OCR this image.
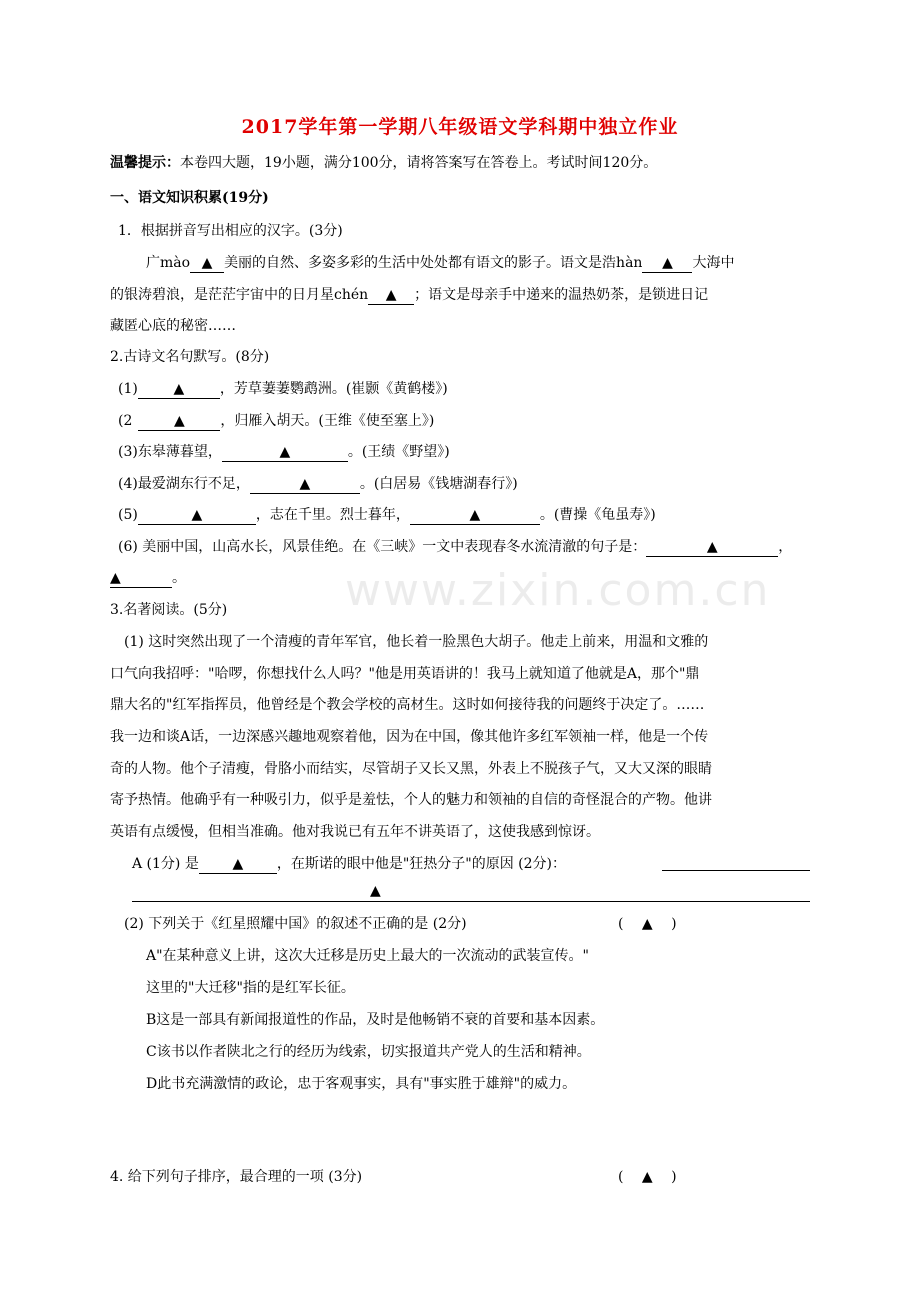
www.zixin.com.cn
2017学年第一学期八年级语文学科期中独立作业
温馨提示：本卷四大题，19小题，满分100分，请将答案写在答卷上。考试时间120分。
一、语文知识积累(19分)
1．根据拼音写出相应的汉字。(3分)
广mào ▲ 美丽的自然、多姿多彩的生活中处处都有语文的影子。语文是浩hàn ▲ 大海中
的银涛碧浪，是茫茫宇宙中的日月星chén ▲ ；语文是母亲手中递来的温热奶茶，是锁进日记
藏匿心底的秘密……
2.古诗文名句默写。(8分)
(1)	▲	，芳草萋萋鹦鹉洲。(崔颢《黄鹤楼》)
(2	▲	，归雁入胡天。(王维《使至塞上》)
(3)东皋薄暮望，	▲	。(王绩《野望》)
(4)最爱湖东行不足，	▲	。(白居易《钱塘湖春行》)
(5)	▲	，志在千里。烈士暮年，	▲	。(曹操《龟虽寿》)
(6) 美丽中国，山高水长，风景佳绝。在《三峡》一文中表现春冬水流清澈的句子是：	▲	，
▲	。
3.名著阅读。(5分)
(1) 这时突然出现了一个清瘦的青年军官，他长着一脸黑色大胡子。他走上前来，用温和文雅的
口气向我招呼："哈啰，你想找什么人吗？"他是用英语讲的！我马上就知道了他就是A，那个"鼎
鼎大名的"红军指挥员，他曾经是个教会学校的高材生。这时如何接待我的问题终于决定了。……
我一边和谈A话，一边深感兴趣地观察着他，因为在中国，像其他许多红军领袖一样，他是一个传
奇的人物。他个子清瘦，骨胳小而结实，尽管胡子又长又黑，外表上不脱孩子气，又大又深的眼睛
寄予热情。他确乎有一种吸引力，似乎是羞怯，个人的魅力和领袖的自信的奇怪混合的产物。他讲
英语有点缓慢，但相当准确。他对我说已有五年不讲英语了，这使我感到惊讶。
A (1分) 是 ▲ ，在斯诺的眼中他是"狂热分子"的原因 (2分)：
▲
(2) 下列关于《红星照耀中国》的叙述不正确的是 (2分)	( ▲ )
A"在某种意义上讲，这次大迁移是历史上最大的一次流动的武装宣传。"
这里的"大迁移"指的是红军长征。
B这是一部具有新闻报道性的作品，及时是他畅销不衰的首要和基本因素。
C该书以作者陕北之行的经历为线索，切实报道共产党人的生活和精神。
D此书充满激情的政论，忠于客观事实，具有"事实胜于雄辩"的威力。
4. 给下列句子排序，最合理的一项 (3分)	( ▲ )
